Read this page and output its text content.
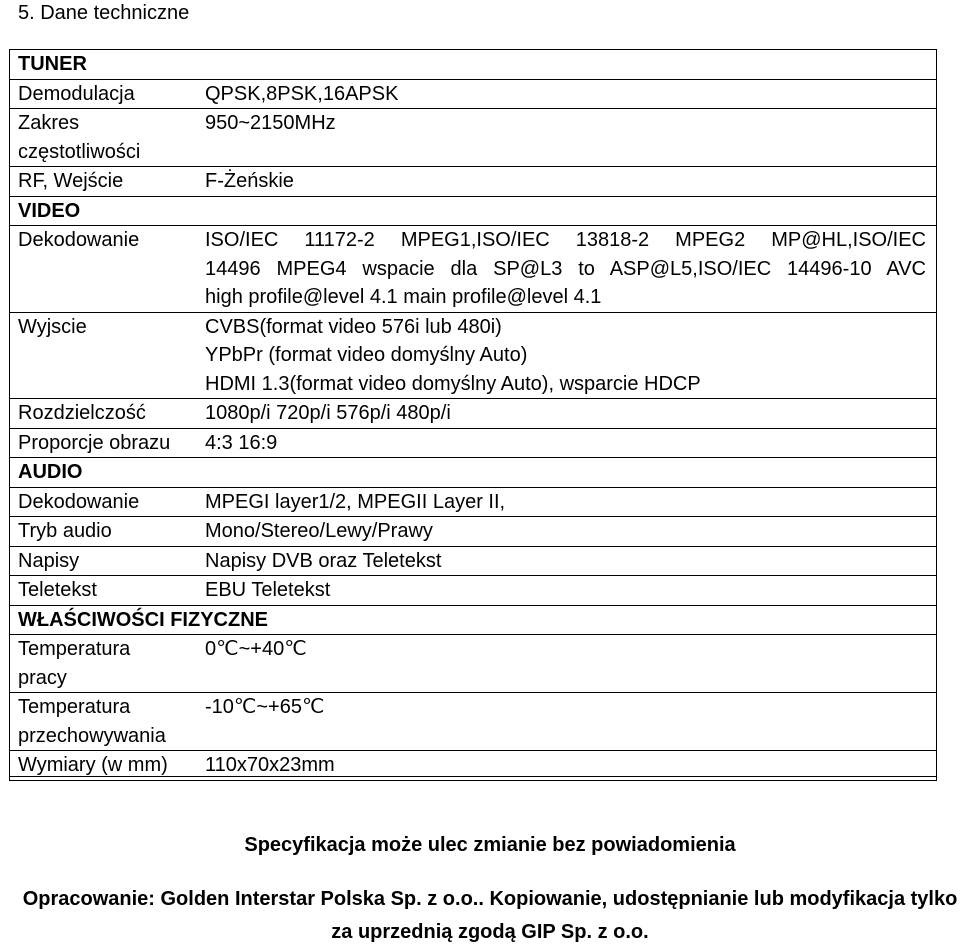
5. Dane techniczne
TUNER	
Demodulacja	QPSK,8PSK,16APSK

Zakres
częstotliwości	950~2150MHz
RF, Wejście	F-Żeńskie
VIDEO	
Dekodowanie	ISO/IEC 11172-2 MPEG1,ISO/IEC 13818-2 MPEG2 MP@HL,ISO/IEC
14496 MPEG4 wspacie dla SP@L3 to ASP@L5,ISO/IEC 14496-10 AVC
high profile@level 4.1 main profile@level 4.1

Wyjscie	CVBS(format video 576i lub 480i)
YPbPr (format video domyślny Auto)
HDMI 1.3(format video domyślny Auto), wsparcie HDCP

Rozdzielczość	1080p/i 720p/i 576p/i 480p/i
Proporcje obrazu	4:3 16:9
AUDIO	
Dekodowanie	MPEGI layer1/2, MPEGII Layer II,
Tryb audio	Mono/Stereo/Lewy/Prawy
Napisy	Napisy DVB oraz Teletekst
Teletekst	EBU Teletekst
WŁAŚCIWOŚCI FIZYCZNE	

Temperatura
pracy	0℃~+40℃

Temperatura
przechowywania	-10℃~+65℃
Wymiary (w mm)	110x70x23mm
Specyfikacja może ulec zmianie bez powiadomienia
Opracowanie: Golden Interstar Polska Sp. z o.o.. Kopiowanie, udostępnianie lub modyfikacja tylko
za uprzednią zgodą GIP Sp. z o.o.
